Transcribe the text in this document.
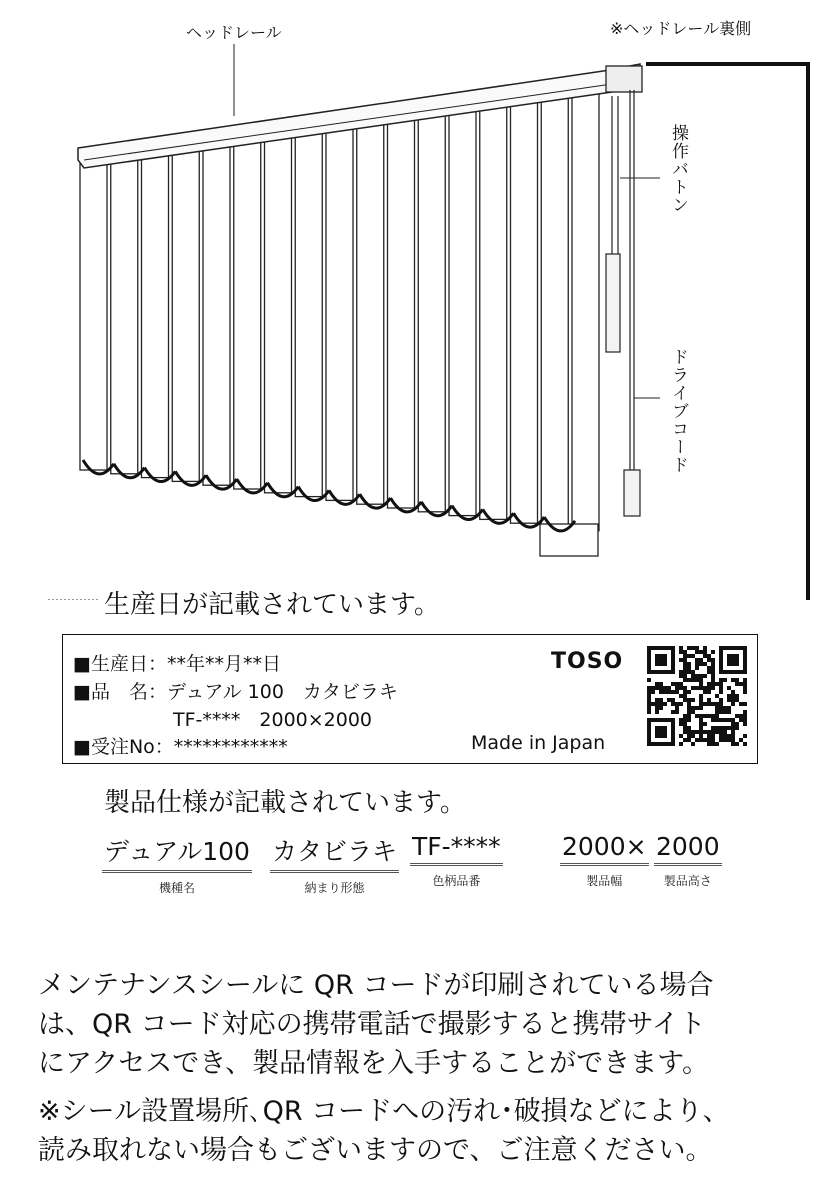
ヘッドレール	※ヘッドレール裏側
操作バトン
ドライブコード
生産日が記載されています。
■生産日：**年**月**日
■品　名：デュアル 100　カタビラキ
TF-****　2000×2000
■受注No：************
TOSO
Made in Japan
製品仕様が記載されています。
デュアル100
機種名
カタビラキ
納まり形態
TF-****
色柄品番
2000×
製品幅
2000
製品高さ
メンテナンスシールに QR コードが印刷されている場合
は、QR コード対応の携帯電話で撮影すると携帯サイト
にアクセスでき、製品情報を入手することができます。
※シール設置場所､QR コードへの汚れ･破損などにより、
読み取れない場合もございますので、ご注意ください。
